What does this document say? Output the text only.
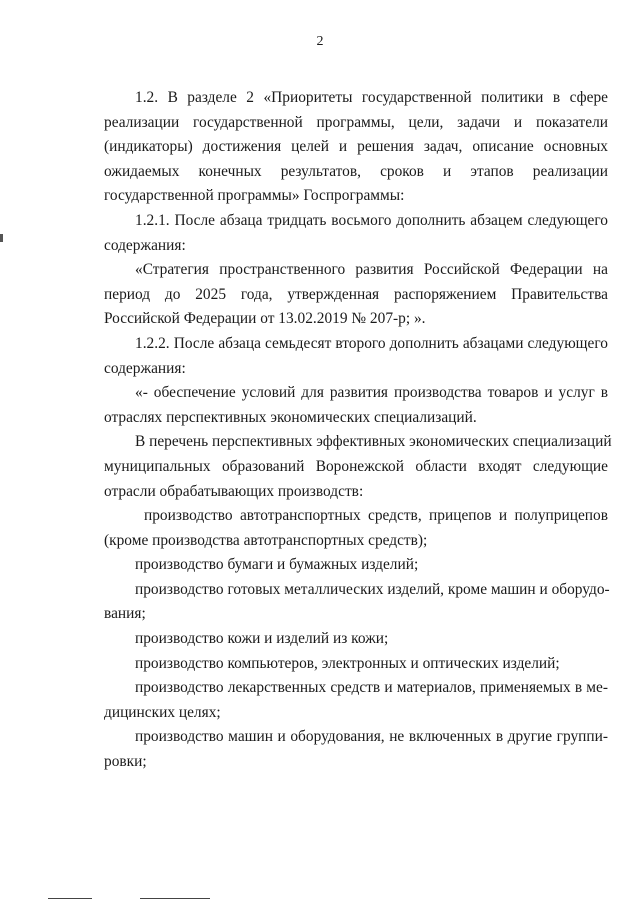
2
1.2. В разделе 2 «Приоритеты государственной политики в сфере
реализации государственной программы, цели, задачи и показатели
(индикаторы) достижения целей и решения задач, описание основных
ожидаемых конечных результатов, сроков и этапов реализации
государственной программы» Госпрограммы:
1.2.1. После абзаца тридцать восьмого дополнить абзацем следующего
содержания:
«Стратегия пространственного развития Российской Федерации на
период до 2025 года, утвержденная распоряжением Правительства
Российской Федерации от 13.02.2019 № 207-р; ».
1.2.2. После абзаца семьдесят второго дополнить абзацами следующего
содержания:
«- обеспечение условий для развития производства товаров и услуг в
отраслях перспективных экономических специализаций.
В перечень перспективных эффективных экономических специализаций
муниципальных образований Воронежской области входят следующие
отрасли обрабатывающих производств:
производство автотранспортных средств, прицепов и полуприцепов
(кроме производства автотранспортных средств);
производство бумаги и бумажных изделий;
производство готовых металлических изделий, кроме машин и оборудо-
вания;
производство кожи и изделий из кожи;
производство компьютеров, электронных и оптических изделий;
производство лекарственных средств и материалов, применяемых в ме-
дицинских целях;
производство машин и оборудования, не включенных в другие группи-
ровки;
